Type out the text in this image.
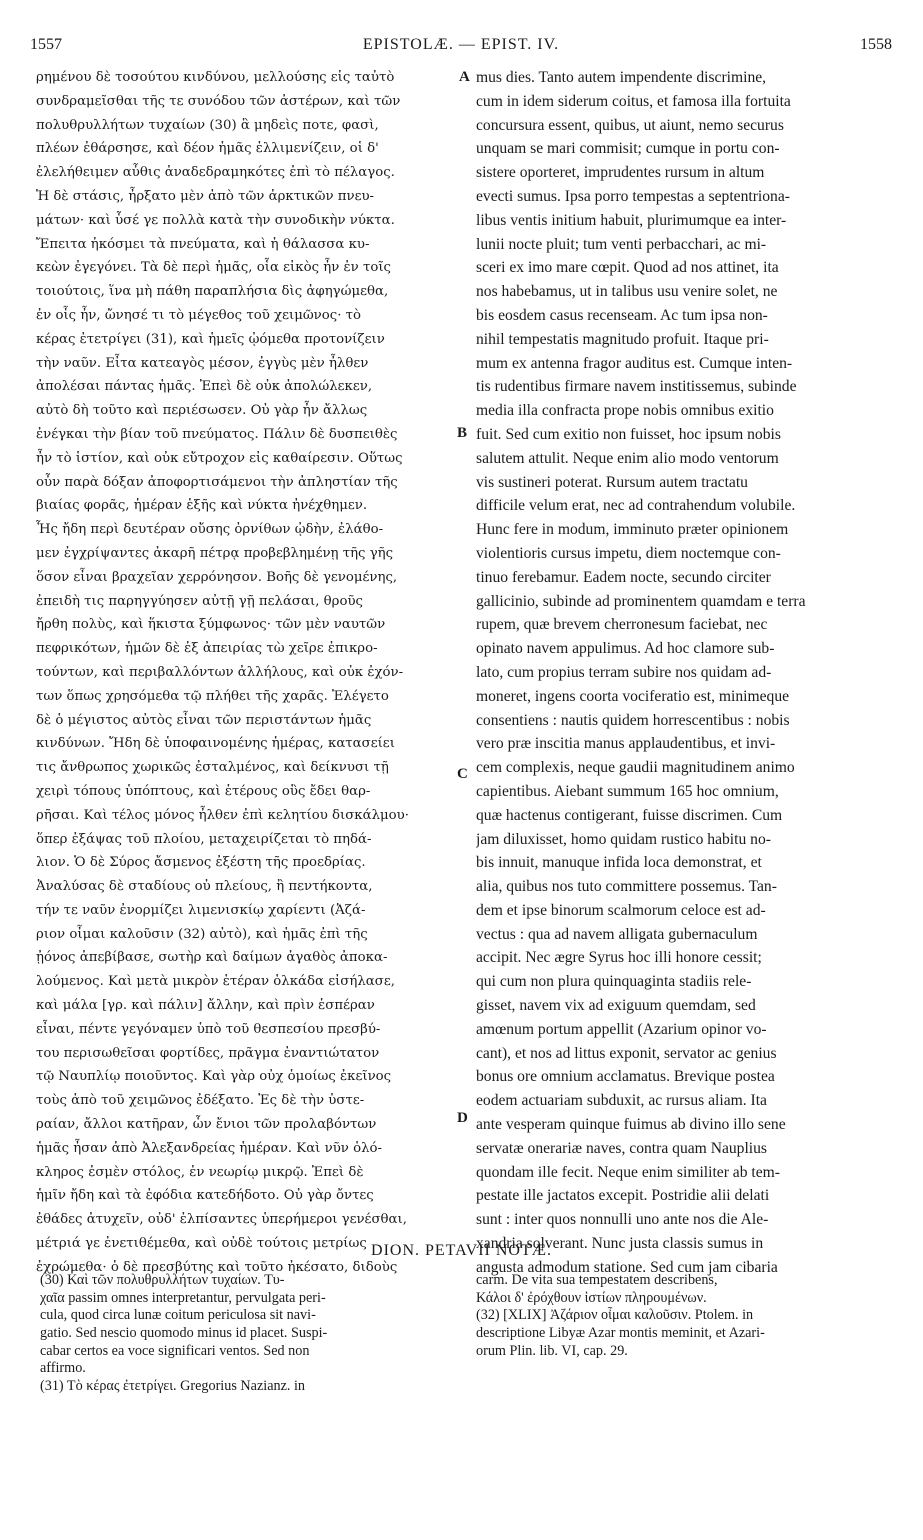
1557	EPISTOLÆ. — EPIST. IV.	1558
ρημένου δὲ τοσούτου κινδύνου, μελλούσης εἰς ταὐτὸ
συνδραμεῖσθαι τῆς τε συνόδου τῶν ἀστέρων, καὶ τῶν
πολυθρυλλήτων τυχαίων (30) ἃ μηδεὶς ποτε, φασὶ,
πλέων ἐθάρσησε, καὶ δέον ἡμᾶς ἐλλιμενίζειν, οἱ δ'
ἐλελήθειμεν αὖθις ἀναδεδραμηκότες ἐπὶ τὸ πέλαγος.
Ἡ δὲ στάσις, ἦρξατο μὲν ἀπὸ τῶν ἀρκτικῶν πνευ-
μάτων· καὶ ὗσέ γε πολλὰ κατὰ τὴν συνοδικὴν νύκτα.
Ἔπειτα ἠκόσμει τὰ πνεύματα, καὶ ἡ θάλασσα κυ-
κεὼν ἐγεγόνει. Τὰ δὲ περὶ ἡμᾶς, οἷα εἰκὸς ἦν ἐν τοῖς
τοιούτοις, ἵνα μὴ πάθη παραπλήσια δὶς ἀφηγώμεθα,
ἐν οἷς ἦν, ὤνησέ τι τὸ μέγεθος τοῦ χειμῶνος· τὸ
κέρας ἐτετρίγει (31), καὶ ἡμεῖς ᾠόμεθα προτονίζειν
τὴν ναῦν. Εἶτα κατεαγὸς μέσον, ἐγγὺς μὲν ἦλθεν
ἀπολέσαι πάντας ἡμᾶς. Ἐπεὶ δὲ οὐκ ἀπολώλεκεν,
αὐτὸ δὴ τοῦτο καὶ περιέσωσεν. Οὐ γὰρ ἦν ἄλλως
ἐνέγκαι τὴν βίαν τοῦ πνεύματος. Πάλιν δὲ δυσπειθὲς
ἦν τὸ ἱστίον, καὶ οὐκ εὔτροχον εἰς καθαίρεσιν. Οὕτως
οὖν παρὰ δόξαν ἀποφορτισάμενοι τὴν ἀπληστίαν τῆς
βιαίας φορᾶς, ἡμέραν ἑξῆς καὶ νύκτα ἠνέχθημεν.
Ἧς ἤδη περὶ δευτέραν οὔσης ὀρνίθων ᾠδὴν, ἐλάθο-
μεν ἐγχρίψαντες ἀκαρῆ πέτρᾳ προβεβλημένῃ τῆς γῆς
ὅσον εἶναι βραχεῖαν χερρόνησον. Βοῆς δὲ γενομένης,
ἐπειδὴ τις παρηγγύησεν αὐτῇ γῇ πελάσαι, θροῦς
ἤρθη πολὺς, καὶ ἥκιστα ξύμφωνος· τῶν μὲν ναυτῶν
πεφρικότων, ἡμῶν δὲ ἐξ ἀπειρίας τὼ χεῖρε ἐπικρο-
τούντων, καὶ περιβαλλόντων ἀλλήλους, καὶ οὐκ ἐχόν-
των ὅπως χρησόμεθα τῷ πλήθει τῆς χαρᾶς. Ἐλέγετο
δὲ ὁ μέγιστος αὐτὸς εἶναι τῶν περιστάντων ἡμᾶς
κινδύνων. Ἤδη δὲ ὑποφαινομένης ἡμέρας, κατασείει
τις ἄνθρωπος χωρικῶς ἐσταλμένος, καὶ δείκνυσι τῇ
χειρὶ τόπους ὑπόπτους, καὶ ἑτέρους οὓς ἔδει θαρ-
ρῆσαι. Καὶ τέλος μόνος ἦλθεν ἐπὶ κελητίου δισκάλμου·
ὅπερ ἐξάψας τοῦ πλοίου, μεταχειρίζεται τὸ πηδά-
λιον. Ὁ δὲ Σύρος ἄσμενος ἐξέστη τῆς προεδρίας.
Ἀναλύσας δὲ σταδίους οὐ πλείους, ἢ πεντήκοντα,
τήν τε ναῦν ἐνορμίζει λιμενισκίῳ χαρίεντι (Ἀζά-
ριον οἶμαι καλοῦσιν (32) αὐτὸ), καὶ ἡμᾶς ἐπὶ τῆς
ᾐόνος ἀπεβίβασε, σωτὴρ καὶ δαίμων ἀγαθὸς ἀποκα-
λούμενος. Καὶ μετὰ μικρὸν ἑτέραν ὁλκάδα εἰσήλασε,
καὶ μάλα [γρ. καὶ πάλιν] ἄλλην, καὶ πρὶν ἑσπέραν
εἶναι, πέντε γεγόναμεν ὑπὸ τοῦ θεσπεσίου πρεσβύ-
του περισωθεῖσαι φορτίδες, πρᾶγμα ἐναντιώτατον
τῷ Ναυπλίῳ ποιοῦντος. Καὶ γὰρ οὐχ ὁμοίως ἐκεῖνος
τοὺς ἀπὸ τοῦ χειμῶνος ἐδέξατο. Ἐς δὲ τὴν ὑστε-
ραίαν, ἄλλοι κατῆραν, ὧν ἔνιοι τῶν προλαβόντων
ἡμᾶς ἦσαν ἀπὸ Ἀλεξανδρείας ἡμέραν. Καὶ νῦν ὁλό-
κληρος ἐσμὲν στόλος, ἐν νεωρίῳ μικρῷ. Ἐπεὶ δὲ
ἡμῖν ἤδη καὶ τὰ ἐφόδια κατεδήδοτο. Οὐ γὰρ ὄντες
ἐθάδες ἀτυχεῖν, οὐδ' ἐλπίσαντες ὑπερήμεροι γενέσθαι,
μέτριά γε ἐνετιθέμεθα, καὶ οὐδὲ τούτοις μετρίως
ἐχρώμεθα· ὁ δὲ πρεσβύτης καὶ τοῦτο ἠκέσατο, διδοὺς
mus dies. Tanto autem impendente discrimine,
cum in idem siderum coitus, et famosa illa fortuita
concursura essent, quibus, ut aiunt, nemo securus
unquam se mari commisit; cumque in portu con-
sistere oporteret, imprudentes rursum in altum
evecti sumus. Ipsa porro tempestas a septentriona-
libus ventis initium habuit, plurimumque ea inter-
lunii nocte pluit; tum venti perbacchari, ac mi-
sceri ex imo mare cœpit. Quod ad nos attinet, ita
nos habebamus, ut in talibus usu venire solet, ne
bis eosdem casus recenseam. Ac tum ipsa non-
nihil tempestatis magnitudo profuit. Itaque pri-
mum ex antenna fragor auditus est. Cumque inten-
tis rudentibus firmare navem institissemus, subinde
media illa confracta prope nobis omnibus exitio
fuit. Sed cum exitio non fuisset, hoc ipsum nobis
salutem attulit. Neque enim alio modo ventorum
vis sustineri poterat. Rursum autem tractatu
difficile velum erat, nec ad contrahendum volubile.
Hunc fere in modum, imminuto præter opinionem
violentioris cursus impetu, diem noctemque con-
tinuo ferebamur. Eadem nocte, secundo circiter
gallicinio, subinde ad prominentem quamdam e terra
rupem, quæ brevem cherronesum faciebat, nec
opinato navem appulimus. Ad hoc clamore sub-
lato, cum propius terram subire nos quidam ad-
moneret, ingens coorta vociferatio est, minimeque
consentiens : nautis quidem horrescentibus : nobis
vero præ inscitia manus applaudentibus, et invi-
cem complexis, neque gaudii magnitudinem animo
capientibus. Aiebant summum 165 hoc omnium,
quæ hactenus contigerant, fuisse discrimen. Cum
jam diluxisset, homo quidam rustico habitu no-
bis innuit, manuque infida loca demonstrat, et
alia, quibus nos tuto committere possemus. Tan-
dem et ipse binorum scalmorum celoce est ad-
vectus : qua ad navem alligata gubernaculum
accipit. Nec ægre Syrus hoc illi honore cessit;
qui cum non plura quinquaginta stadiis rele-
gisset, navem vix ad exiguum quemdam, sed
amœnum portum appellit (Azarium opinor vo-
cant), et nos ad littus exponit, servator ac genius
bonus ore omnium acclamatus. Brevique postea
eodem actuariam subduxit, ac rursus aliam. Ita
ante vesperam quinque fuimus ab divino illo sene
servatæ onerariæ naves, contra quam Nauplius
quondam ille fecit. Neque enim similiter ab tem-
pestate ille jactatos excepit. Postridie alii delati
sunt : inter quos nonnulli uno ante nos die Ale-
xandria solverant. Nunc justa classis sumus in
angusta admodum statione. Sed cum jam cibaria
A
B
C
D
DION. PETAVII NOTÆ.
(30) Καὶ τῶν πολυθρυλλήτων τυχαίων. Τυ-
χαῖα passim omnes interpretantur, pervulgata peri-
cula, quod circa lunæ coitum periculosa sit navi-
gatio. Sed nescio quomodo minus id placet. Suspi-
cabar certos ea voce significari ventos. Sed non
affirmo.
(31) Τὸ κέρας ἐτετρίγει. Gregorius Nazianz. in
carm. De vita sua tempestatem describens,
Κάλοι δ' ἐρόχθουν ἱστίων πληρουμένων.
(32) [XLIX] Ἀζάριον οἶμαι καλοῦσιν. Ptolem. in
descriptione Libyæ Azar montis meminit, et Azari-
orum Plin. lib. VI, cap. 29.
